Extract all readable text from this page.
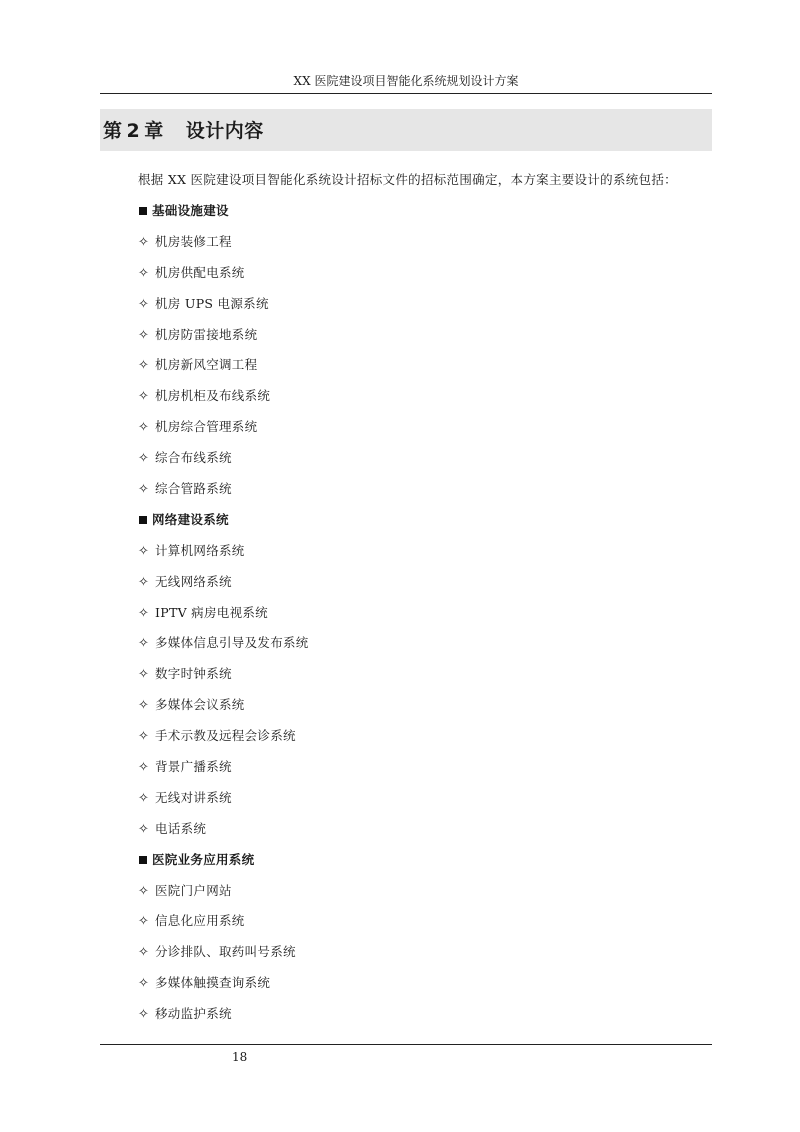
XX 医院建设项目智能化系统规划设计方案
第 2 章 设计内容
根据 XX 医院建设项目智能化系统设计招标文件的招标范围确定，本方案主要设计的系统包括：
基础设施建设
✧ 机房装修工程
✧ 机房供配电系统
✧ 机房 UPS 电源系统
✧ 机房防雷接地系统
✧ 机房新风空调工程
✧ 机房机柜及布线系统
✧ 机房综合管理系统
✧ 综合布线系统
✧ 综合管路系统
网络建设系统
✧ 计算机网络系统
✧ 无线网络系统
✧ IPTV 病房电视系统
✧ 多媒体信息引导及发布系统
✧ 数字时钟系统
✧ 多媒体会议系统
✧ 手术示教及远程会诊系统
✧ 背景广播系统
✧ 无线对讲系统
✧ 电话系统
医院业务应用系统
✧ 医院门户网站
✧ 信息化应用系统
✧ 分诊排队、取药叫号系统
✧ 多媒体触摸查询系统
✧ 移动监护系统
18
